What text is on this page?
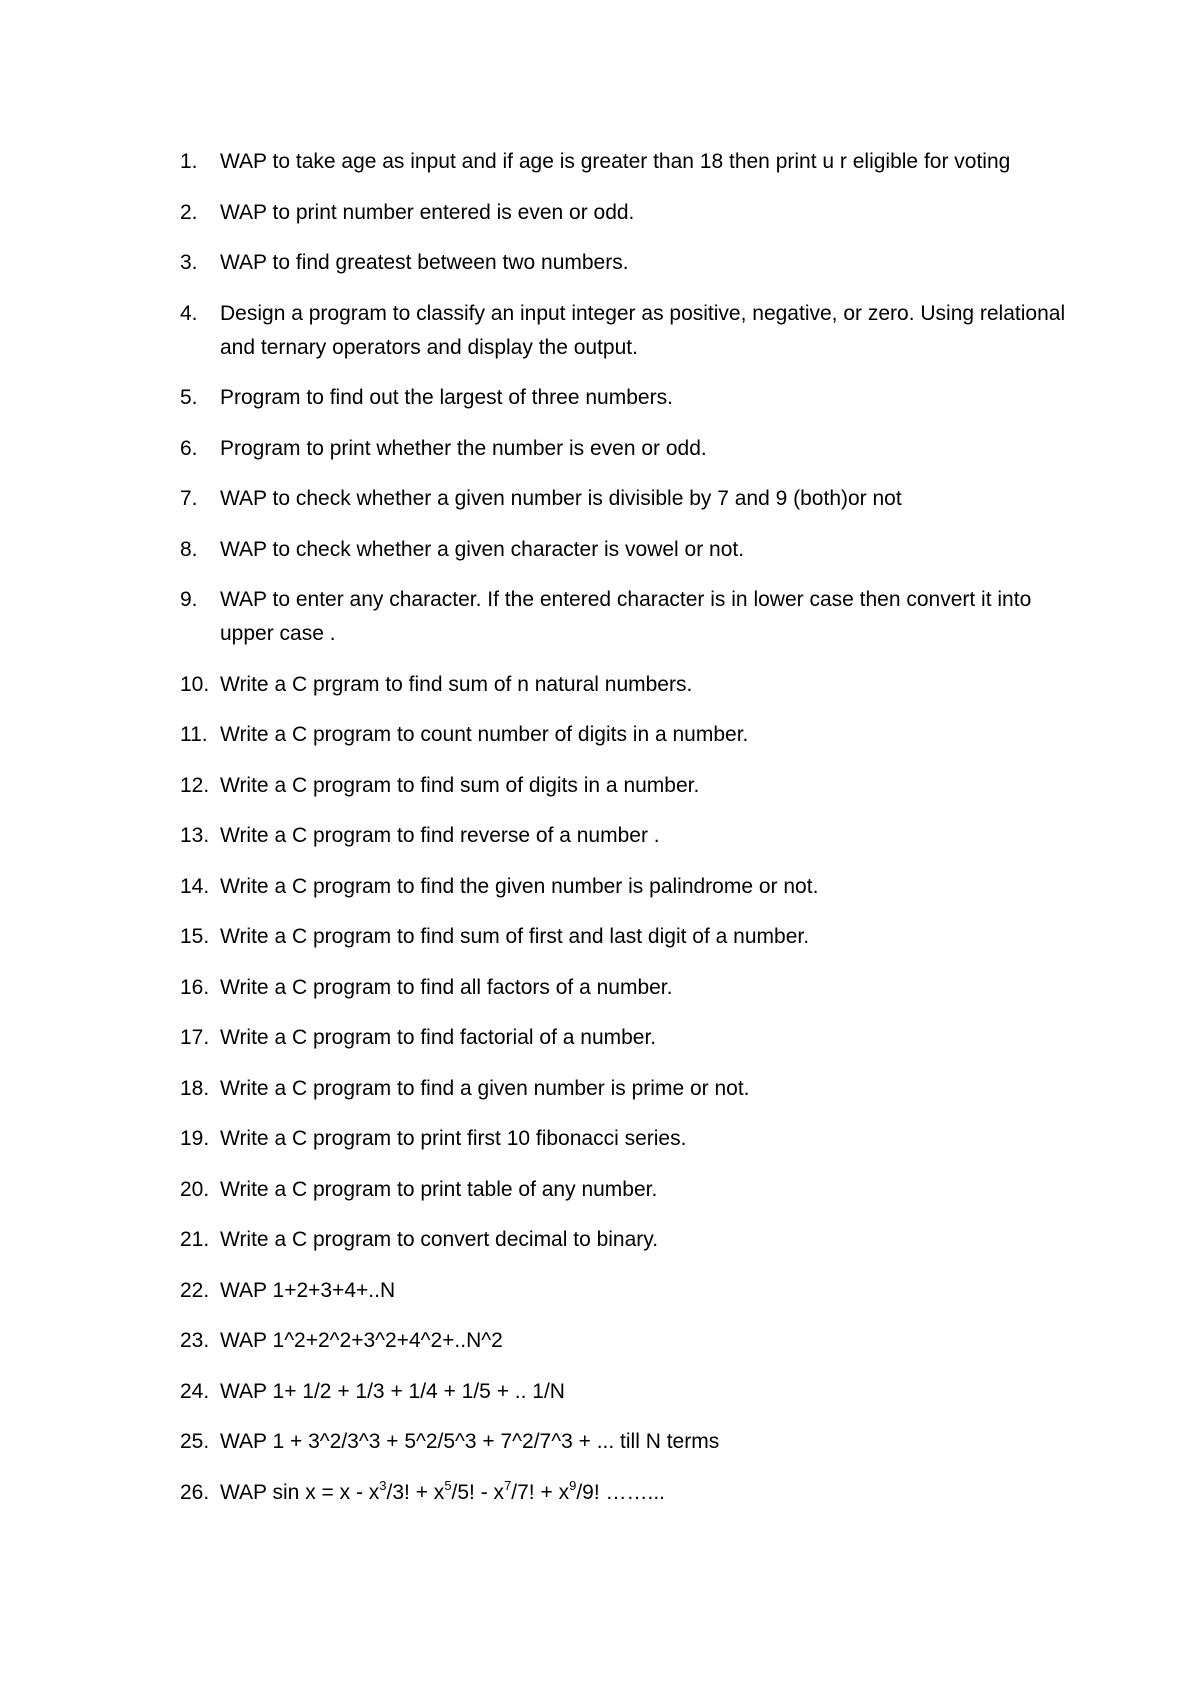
1.	WAP to take age as input and if age is greater than 18 then print u r eligible for voting
2.	WAP to print number entered is even or odd.
3.	WAP to find greatest between two numbers.
4.	Design a program to classify an input integer as positive, negative, or zero. Using relational and ternary operators and display the output.
5.	Program to find out the largest of three numbers.
6.	Program to print whether the number is even or odd.
7.	WAP to check whether a given number is divisible by 7 and 9 (both)or not
8.	WAP to check whether a given character is vowel or not.
9.	WAP to enter any character. If the entered character is in lower case then convert it into upper case .
10. Write a C prgram to find sum of n natural numbers.
11. Write a C program to count number of digits in a number.
12. Write a C program to find sum of digits in a number.
13. Write a C program to find reverse of a number .
14. Write a C program to find the given number is palindrome or not.
15. Write a C program to find sum of first and last digit of a number.
16. Write a C program to find all factors of a number.
17. Write a C program to find factorial of a number.
18. Write a C program to find a given number is prime or not.
19. Write a C program to print first 10 fibonacci series.
20. Write a C program to print table of any number.
21. Write a C program to convert decimal to binary.
22. WAP 1+2+3+4+..N
23. WAP 1^2+2^2+3^2+4^2+..N^2
24. WAP 1+ 1/2 + 1/3 + 1/4 + 1/5 + .. 1/N
25. WAP 1 + 3^2/3^3 + 5^2/5^3 + 7^2/7^3 + ... till N terms
26. WAP $\sin x = x - x^3/3$! + $x^5/5$! - $x^7/7$! + $x^9/9$! ……...
